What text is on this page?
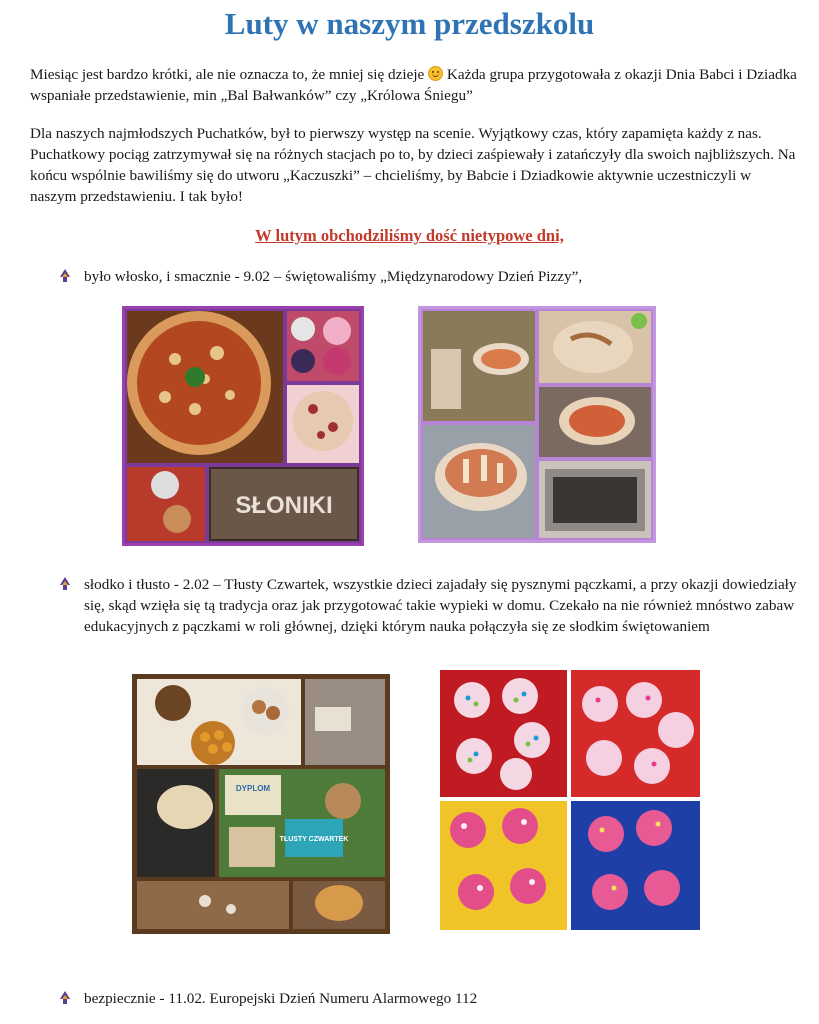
Luty w naszym przedszkolu

Miesiąc jest bardzo krótki, ale nie oznacza to, że mniej się dzieje Każda grupa przygotowała z okazji Dnia Babci i Dziadka wspaniałe przedstawienie, min „Bal Bałwanków” czy „Królowa Śniegu”

Dla naszych najmłodszych Puchatków, był to pierwszy występ na scenie. Wyjątkowy czas, który zapamięta każdy z nas. Puchatkowy pociąg zatrzymywał się na różnych stacjach po to, by dzieci zaśpiewały i zatańczyły dla swoich najbliższych. Na końcu wspólnie bawiliśmy się do utworu „Kaczuszki” – chcieliśmy, by Babcie i Dziadkowie aktywnie uczestniczyli w naszym przedstawieniu. I tak było!

W lutym obchodziliśmy dość nietypowe dni,
było włosko, i smacznie - 9.02 – świętowaliśmy „Międzynarodowy Dzień Pizzy”,
SŁONIKI
słodko i tłusto - 2.02 – Tłusty Czwartek, wszystkie dzieci zajadały się pysznymi pączkami, a przy okazji dowiedziały się, skąd wzięła się tą tradycja oraz jak przygotować takie wypieki w domu. Czekało na nie również mnóstwo zabaw edukacyjnych z pączkami w roli głównej, dzięki którym nauka połączyła się ze słodkim świętowaniem
DYPLOM
TŁUSTY CZWARTEK
bezpiecznie - 11.02. Europejski Dzień Numeru Alarmowego 112
